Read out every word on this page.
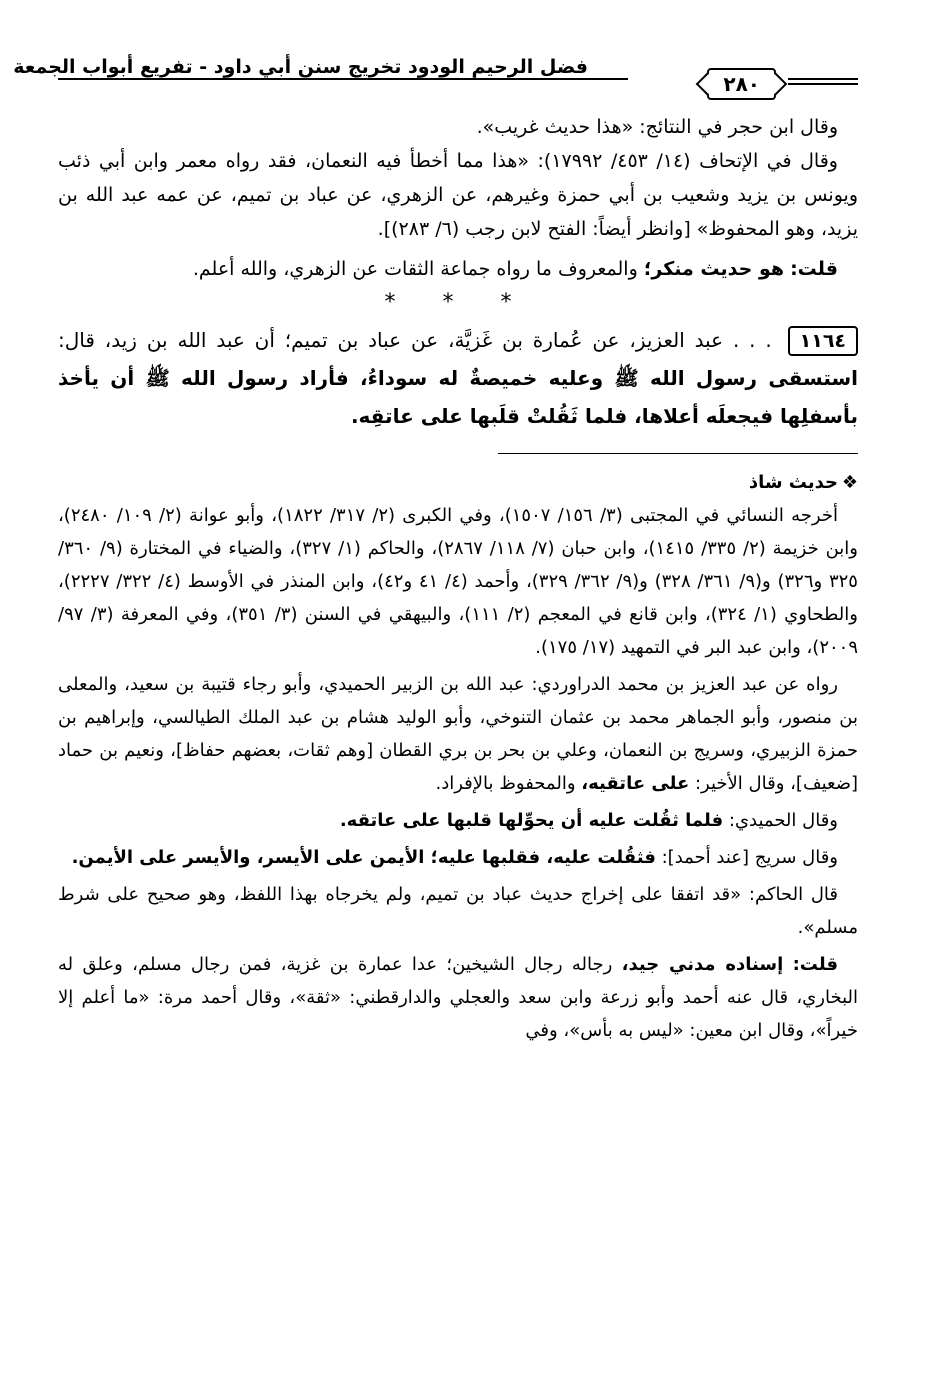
٢٨٠
فضل الرحيم الودود تخريج سنن أبي داود - تفريع أبواب الجمعة

وقال ابن حجر في النتائج: «هذا حديث غريب».

وقال في الإتحاف (١٤/ ٤٥٣/ ١٧٩٩٢): «هذا مما أخطأ فيه النعمان، فقد رواه معمر وابن أبي ذئب ويونس بن يزيد وشعيب بن أبي حمزة وغيرهم، عن الزهري، عن عباد بن تميم، عن عمه عبد الله بن يزيد، وهو المحفوظ» [وانظر أيضاً: الفتح لابن رجب (٦/ ٢٨٣)].

قلت: هو حديث منكر؛ والمعروف ما رواه جماعة الثقات عن الزهري، والله أعلم.

* * *

١١٦٤ . . . عبد العزيز، عن عُمارة بن غَزيَّة، عن عباد بن تميم؛ أن عبد الله بن زيد، قال: استسقى رسول الله ﷺ وعليه خميصةٌ له سوداءُ، فأراد رسول الله ﷺ أن يأخذ بأسفلِها فيجعلَه أعلاها، فلما ثَقُلتْ قلَبها على عاتقِه.

❖حديث شاذ

أخرجه النسائي في المجتبى (٣/ ١٥٦/ ١٥٠٧)، وفي الكبرى (٢/ ٣١٧/ ١٨٢٢)، وأبو عوانة (٢/ ١٠٩/ ٢٤٨٠)، وابن خزيمة (٢/ ٣٣٥/ ١٤١٥)، وابن حبان (٧/ ١١٨/ ٢٨٦٧)، والحاكم (١/ ٣٢٧)، والضياء في المختارة (٩/ ٣٦٠/ ٣٢٥ و٣٢٦) و(٩/ ٣٦١/ ٣٢٨) و(٩/ ٣٦٢/ ٣٢٩)، وأحمد (٤/ ٤١ و٤٢)، وابن المنذر في الأوسط (٤/ ٣٢٢/ ٢٢٢٧)، والطحاوي (١/ ٣٢٤)، وابن قانع في المعجم (٢/ ١١١)، والبيهقي في السنن (٣/ ٣٥١)، وفي المعرفة (٣/ ٩٧/ ٢٠٠٩)، وابن عبد البر في التمهيد (١٧/ ١٧٥).

رواه عن عبد العزيز بن محمد الدراوردي: عبد الله بن الزبير الحميدي، وأبو رجاء قتيبة بن سعيد، والمعلى بن منصور، وأبو الجماهر محمد بن عثمان التنوخي، وأبو الوليد هشام بن عبد الملك الطيالسي، وإبراهيم بن حمزة الزبيري، وسريج بن النعمان، وعلي بن بحر بن بري القطان [وهم ثقات، بعضهم حفاظ]، ونعيم بن حماد [ضعيف]، وقال الأخير: على عاتقيه، والمحفوظ بالإفراد.

وقال الحميدي: فلما ثقُلت عليه أن يحوِّلها قلبها على عاتقه.

وقال سريج [عند أحمد]: فثقُلت عليه، فقلبها عليه؛ الأيمن على الأيسر، والأيسر على الأيمن.

قال الحاكم: «قد اتفقا على إخراج حديث عباد بن تميم، ولم يخرجاه بهذا اللفظ، وهو صحيح على شرط مسلم».

قلت: إسناده مدني جيد، رجاله رجال الشيخين؛ عدا عمارة بن غزية، فمن رجال مسلم، وعلق له البخاري، قال عنه أحمد وأبو زرعة وابن سعد والعجلي والدارقطني: «ثقة»، وقال أحمد مرة: «ما أعلم إلا خيراً»، وقال ابن معين: «ليس به بأس»، وفي
